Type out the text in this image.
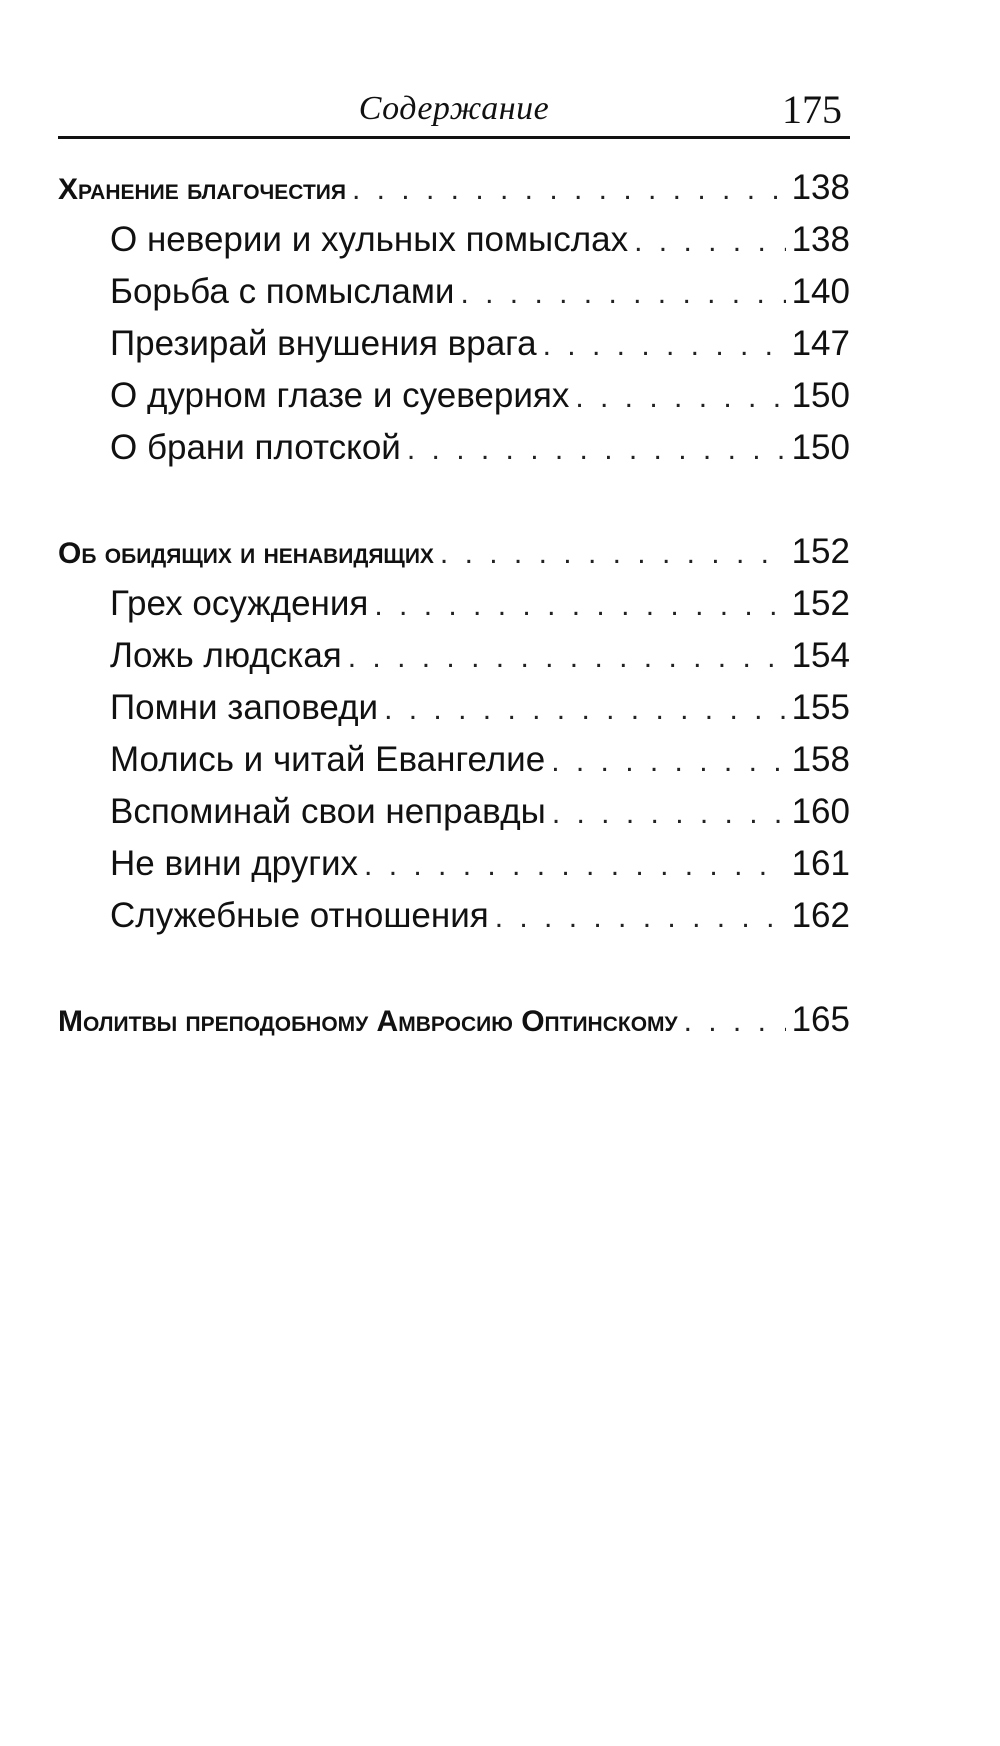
Содержание	175
Хранение благочестия . . .	138
О неверии и хульных помыслах . . .	138
Борьба с помыслами . . .	140
Презирай внушения врага . . .	147
О дурном глазе и суевериях . . .	150
О брани плотской . . .	150
Об обидящих и ненавидящих . . .	152
Грех осуждения . . .	152
Ложь людская . . .	154
Помни заповеди . . .	155
Молись и читай Евангелие . . .	158
Вспоминай свои неправды . . .	160
Не вини других . . .	161
Служебные отношения . . .	162
Молитвы преподобному Амвросию Оптинскому . . .	165
